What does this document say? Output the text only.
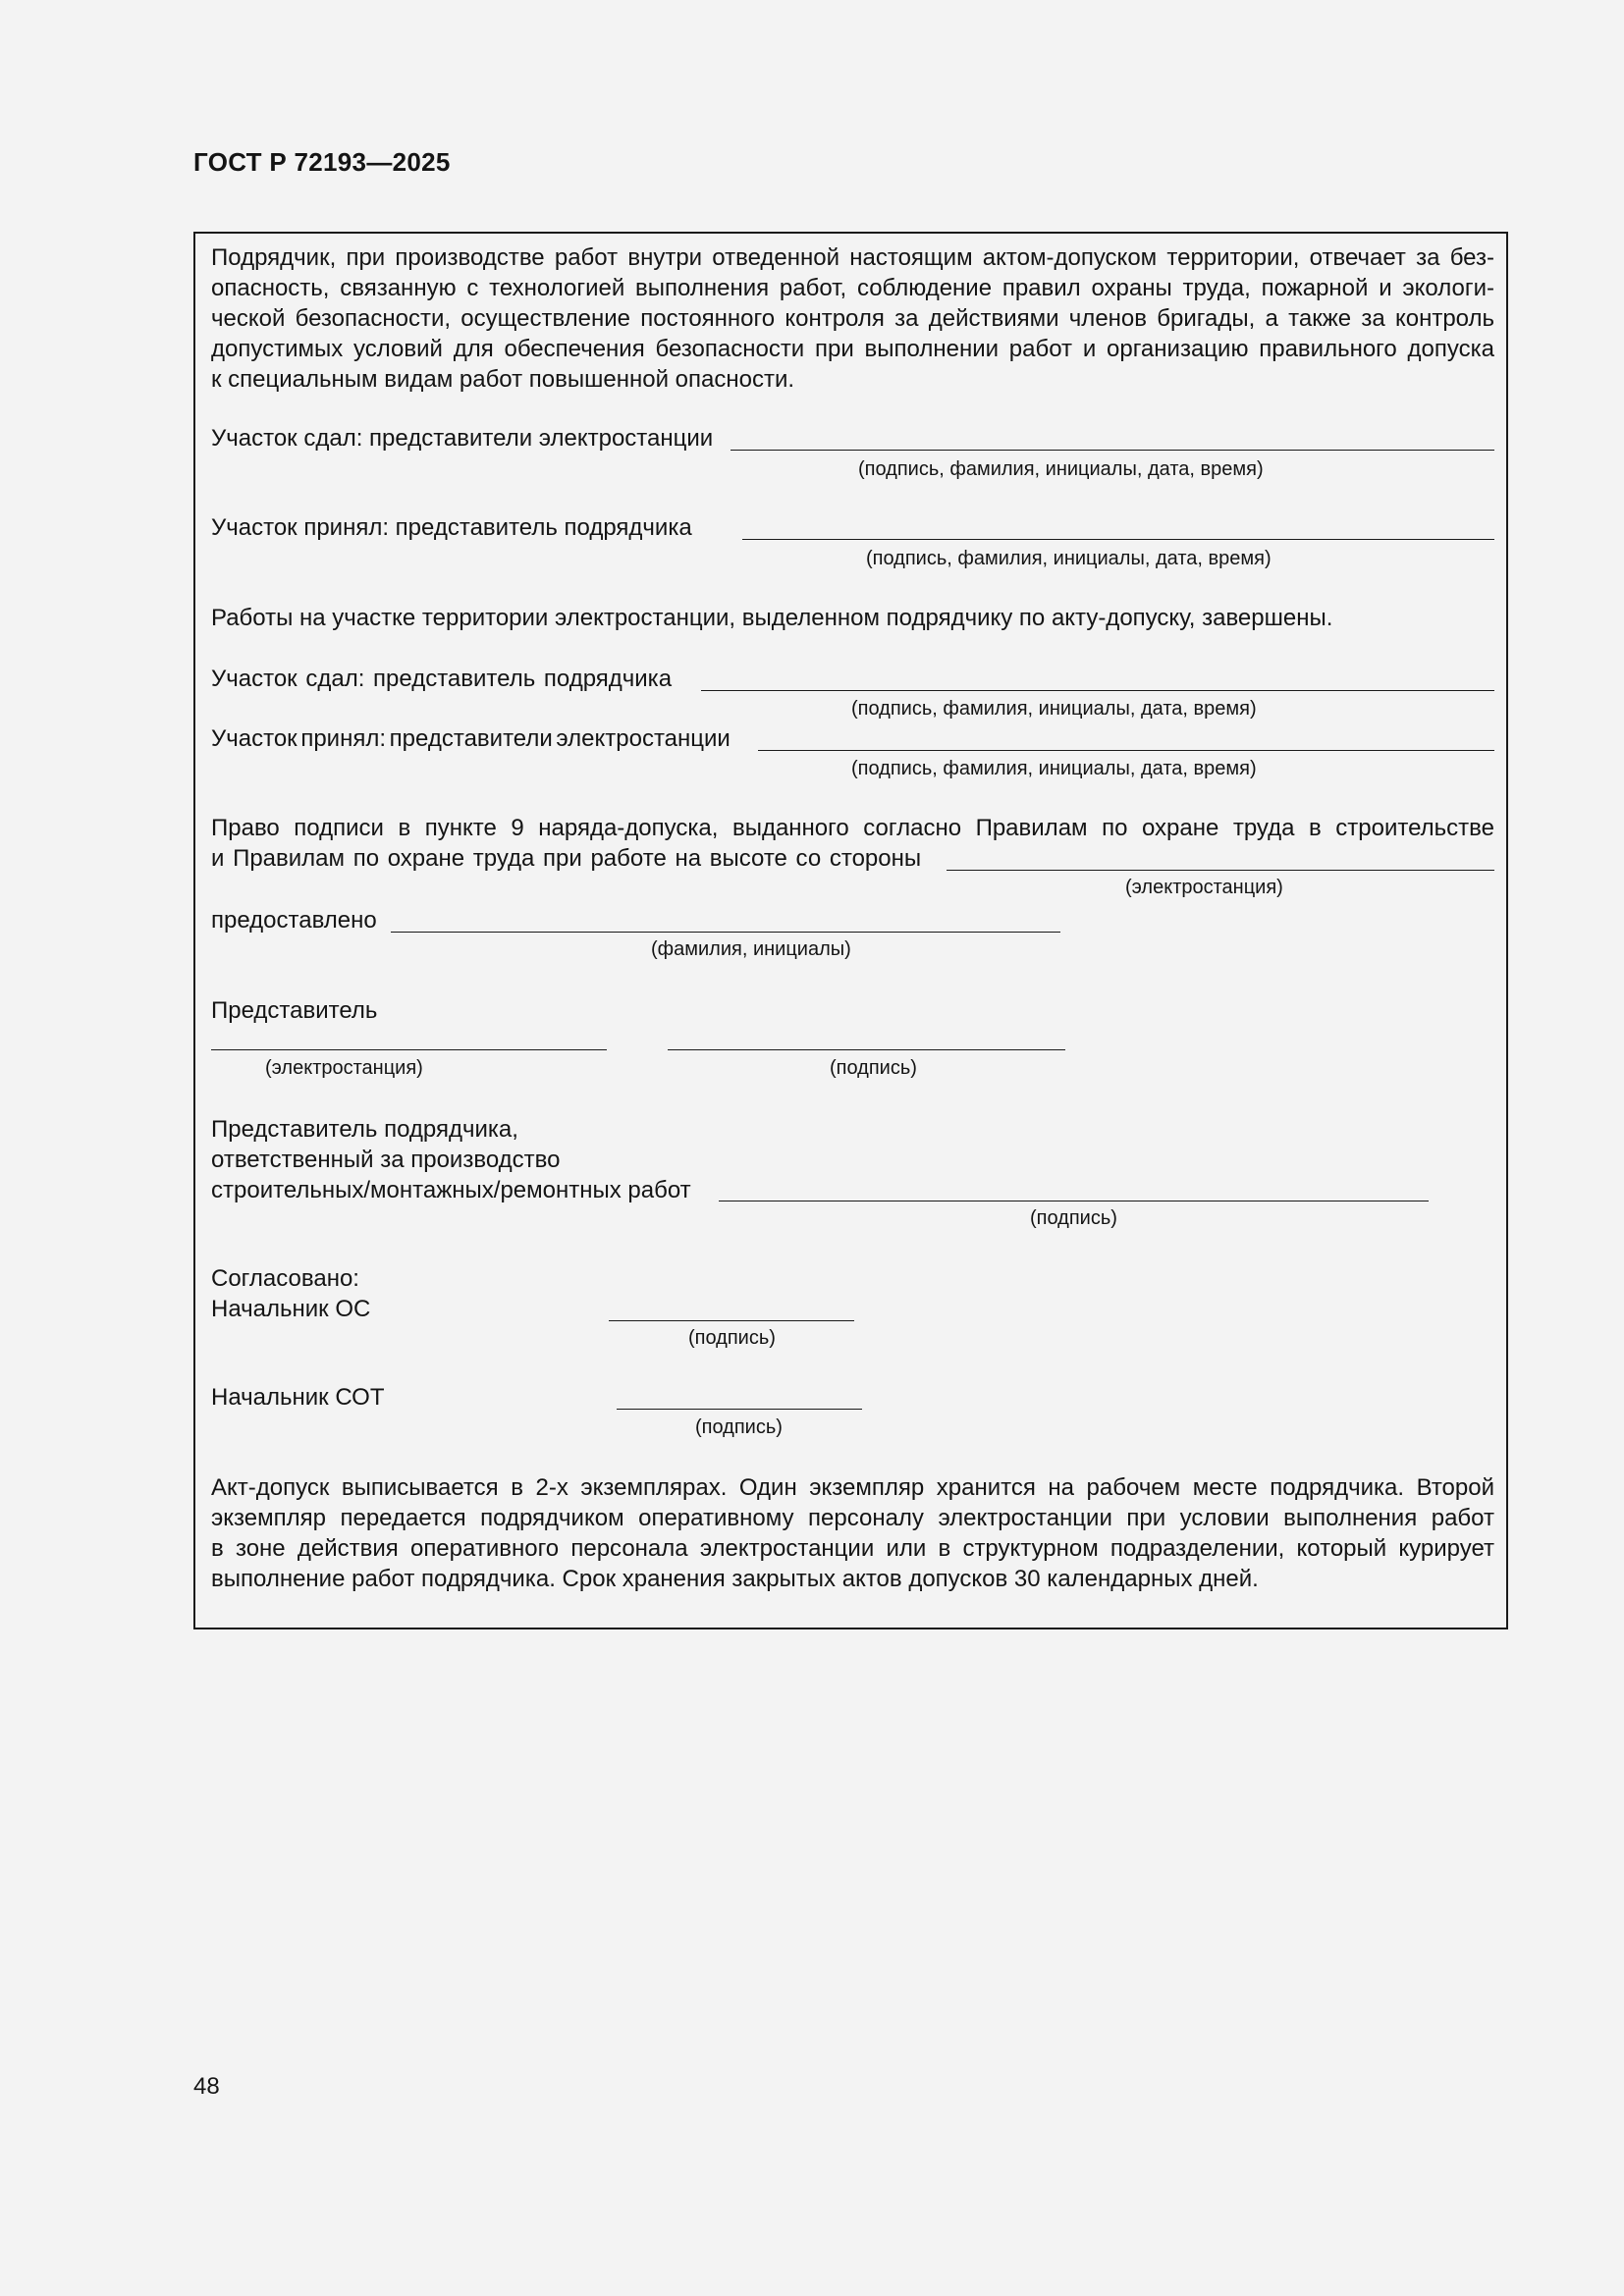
ГОСТ Р 72193—2025
Подрядчик, при производстве работ внутри отведенной настоящим актом-допуском территории, отвечает за без-
опасность, связанную с технологией выполнения работ, соблюдение правил охраны труда, пожарной и экологи-
ческой безопасности, осуществление постоянного контроля за действиями членов бригады, а также за контроль
допустимых условий для обеспечения безопасности при выполнении работ и организацию правильного допуска
к специальным видам работ повышенной опасности.
Участок сдал: представители электростанции
(подпись, фамилия, инициалы, дата, время)
Участок принял: представитель подрядчика
(подпись, фамилия, инициалы, дата, время)
Работы на участке территории электростанции, выделенном подрядчику по акту-допуску, завершены.
Участок сдал: представитель подрядчика
(подпись, фамилия, инициалы, дата, время)
Участок принял: представители электростанции
(подпись, фамилия, инициалы, дата, время)
Право подписи в пункте 9 наряда-допуска, выданного согласно Правилам по охране труда в строительстве
и Правилам по охране труда при работе на высоте со стороны
(электростанция)
предоставлено
(фамилия, инициалы)
Представитель
(электростанция)	(подпись)
Представитель подрядчика,
ответственный за производство
строительных/монтажных/ремонтных работ
(подпись)
Согласовано:
Начальник ОС
(подпись)
Начальник СОТ
(подпись)
Акт-допуск выписывается в 2-х экземплярах. Один экземпляр хранится на рабочем месте подрядчика. Второй
экземпляр передается подрядчиком оперативному персоналу электростанции при условии выполнения работ
в зоне действия оперативного персонала электростанции или в структурном подразделении, который курирует
выполнение работ подрядчика. Срок хранения закрытых актов допусков 30 календарных дней.
48
